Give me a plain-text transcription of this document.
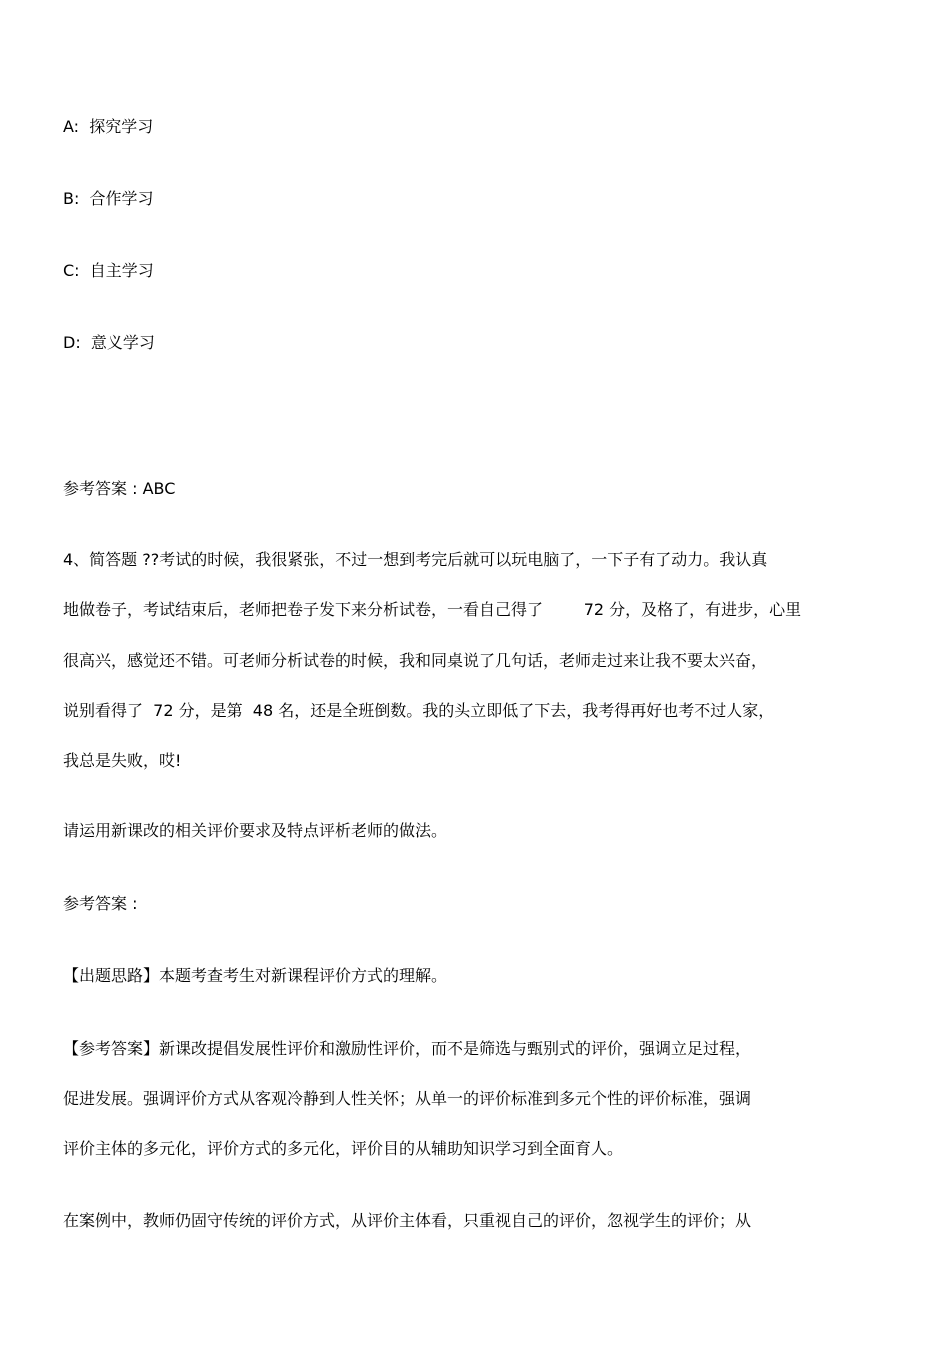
A: 探究学习
B: 合作学习
C: 自主学习
D: 意义学习
参考答案 : ABC
4、简答题 ??考试的时候，我很紧张，不过一想到考完后就可以玩电脑了，一下子有了动力。我认真
地做卷子，考试结束后，老师把卷子发下来分析试卷，一看自己得了        72 分，及格了，有进步，心里
很高兴，感觉还不错。可老师分析试卷的时候，我和同桌说了几句话，老师走过来让我不要太兴奋，
说别看得了  72 分，是第  48 名，还是全班倒数。我的头立即低了下去，我考得再好也考不过人家，
我总是失败，哎!
请运用新课改的相关评价要求及特点评析老师的做法。
参考答案 :
【出题思路】本题考查考生对新课程评价方式的理解。
【参考答案】新课改提倡发展性评价和激励性评价，而不是筛选与甄别式的评价，强调立足过程，
促进发展。强调评价方式从客观冷静到人性关怀；从单一的评价标准到多元个性的评价标准，强调
评价主体的多元化，评价方式的多元化，评价目的从辅助知识学习到全面育人。
在案例中，教师仍固守传统的评价方式，从评价主体看，只重视自己的评价，忽视学生的评价；从
